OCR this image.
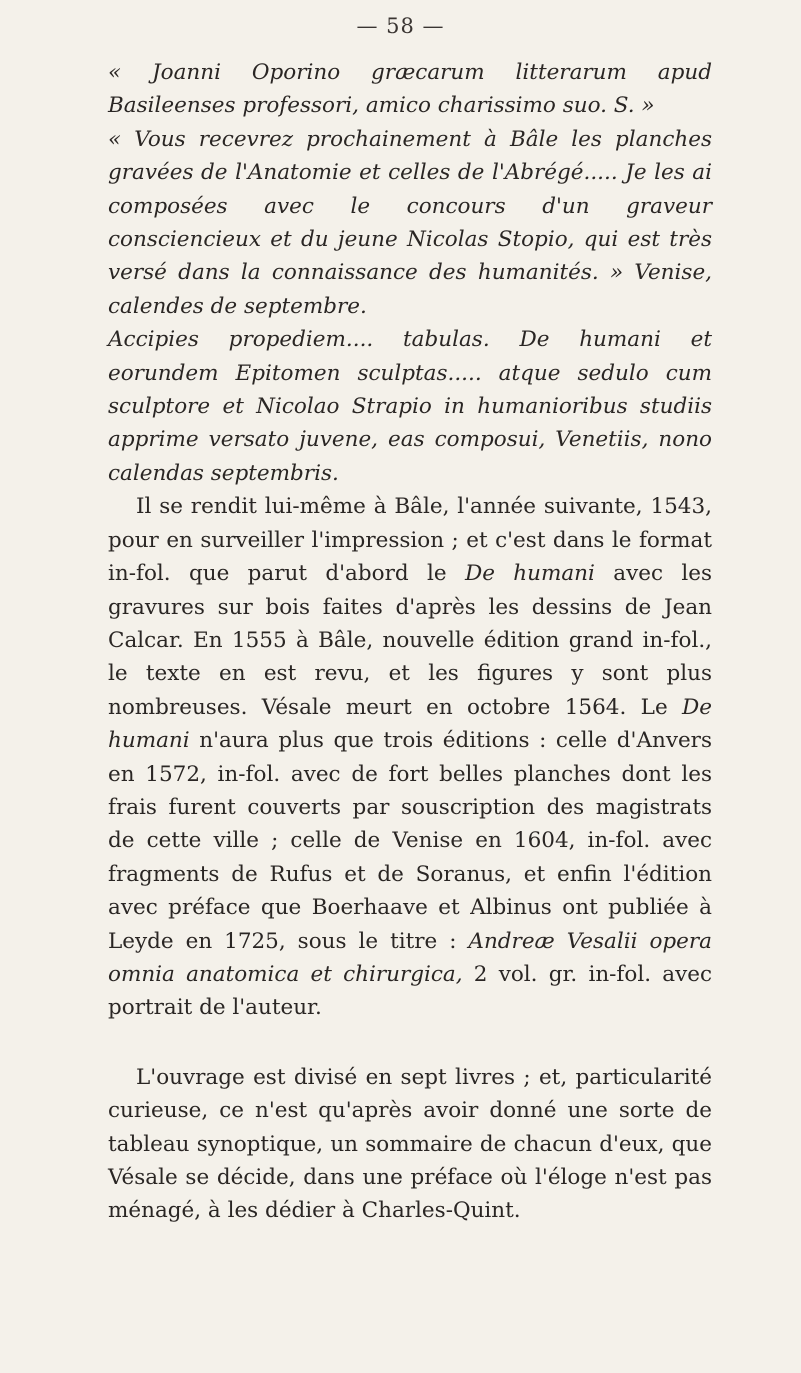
— 58 —

« Joanni Oporino græcarum litterarum apud Basileenses professori, amico charissimo suo. S. »

« Vous recevrez prochainement à Bâle les planches gravées de l'Anatomie et celles de l'Abrégé..... Je les ai composées avec le concours d'un graveur consciencieux et du jeune Nicolas Stopio, qui est très versé dans la connaissance des humanités. » Venise, calendes de septembre.

Accipies propediem.... tabulas. De humani et eorundem Epitomen sculptas..... atque sedulo cum sculptore et Nicolao Strapio in humanioribus studiis apprime versato juvene, eas composui, Venetiis, nono calendas septembris.

Il se rendit lui-même à Bâle, l'année suivante, 1543, pour en surveiller l'impression ; et c'est dans le format in-fol. que parut d'abord le De humani avec les gravures sur bois faites d'après les dessins de Jean Calcar. En 1555 à Bâle, nouvelle édition grand in-fol., le texte en est revu, et les figures y sont plus nombreuses. Vésale meurt en octobre 1564. Le De humani n'aura plus que trois éditions : celle d'Anvers en 1572, in-fol. avec de fort belles planches dont les frais furent couverts par souscription des magistrats de cette ville ; celle de Venise en 1604, in-fol. avec fragments de Rufus et de Soranus, et enfin l'édition avec préface que Boerhaave et Albinus ont publiée à Leyde en 1725, sous le titre : Andreæ Vesalii opera omnia anatomica et chirurgica, 2 vol. gr. in-fol. avec portrait de l'auteur.

L'ouvrage est divisé en sept livres ; et, particularité curieuse, ce n'est qu'après avoir donné une sorte de tableau synoptique, un sommaire de chacun d'eux, que Vésale se décide, dans une préface où l'éloge n'est pas ménagé, à les dédier à Charles-Quint.
